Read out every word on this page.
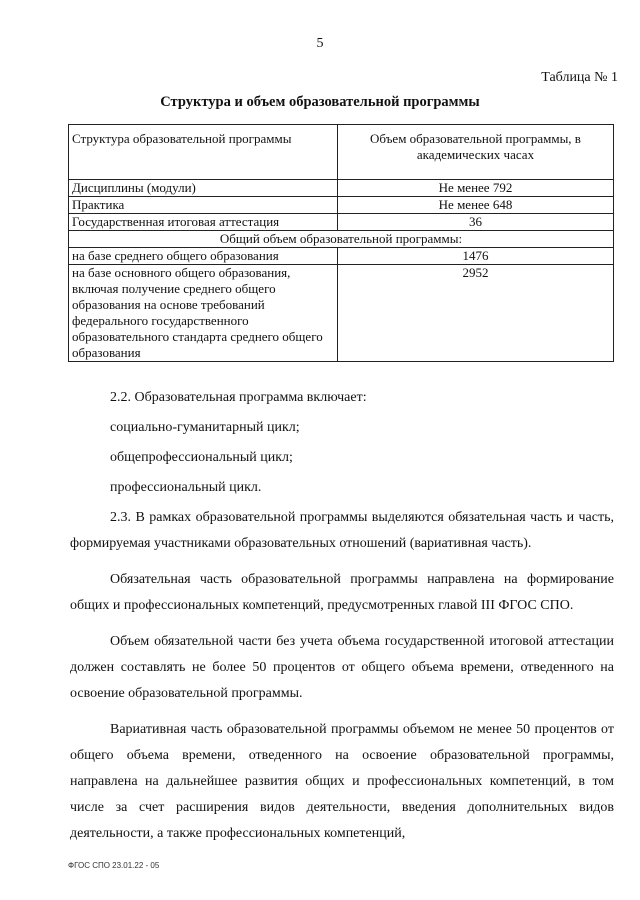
5
Таблица № 1
Структура и объем образовательной программы
Структура образовательной программы	Объем образовательной программы, в академических часах
Дисциплины (модули)	Не менее 792
Практика	Не менее 648
Государственная итоговая аттестация	36
Общий объем образовательной программы:	
на базе среднего общего образования	1476
на базе основного общего образования, включая получение среднего общего образования на основе требований федерального государственного образовательного стандарта среднего общего образования	2952

2.2. Образовательная программа включает:

социально-гуманитарный цикл;

общепрофессиональный цикл;

профессиональный цикл.

2.3. В рамках образовательной программы выделяются обязательная часть и часть, формируемая участниками образовательных отношений (вариативная часть).

Обязательная часть образовательной программы направлена на формирование общих и профессиональных компетенций, предусмотренных главой III ФГОС СПО.

Объем обязательной части без учета объема государственной итоговой аттестации должен составлять не более 50 процентов от общего объема времени, отведенного на освоение образовательной программы.

Вариативная часть образовательной программы объемом не менее 50 процентов от общего объема времени, отведенного на освоение образовательной программы, направлена на дальнейшее развития общих и профессиональных компетенций, в том числе за счет расширения видов деятельности, введения дополнительных видов деятельности, а также профессиональных компетенций,

ФГОС СПО 23.01.22 - 05
